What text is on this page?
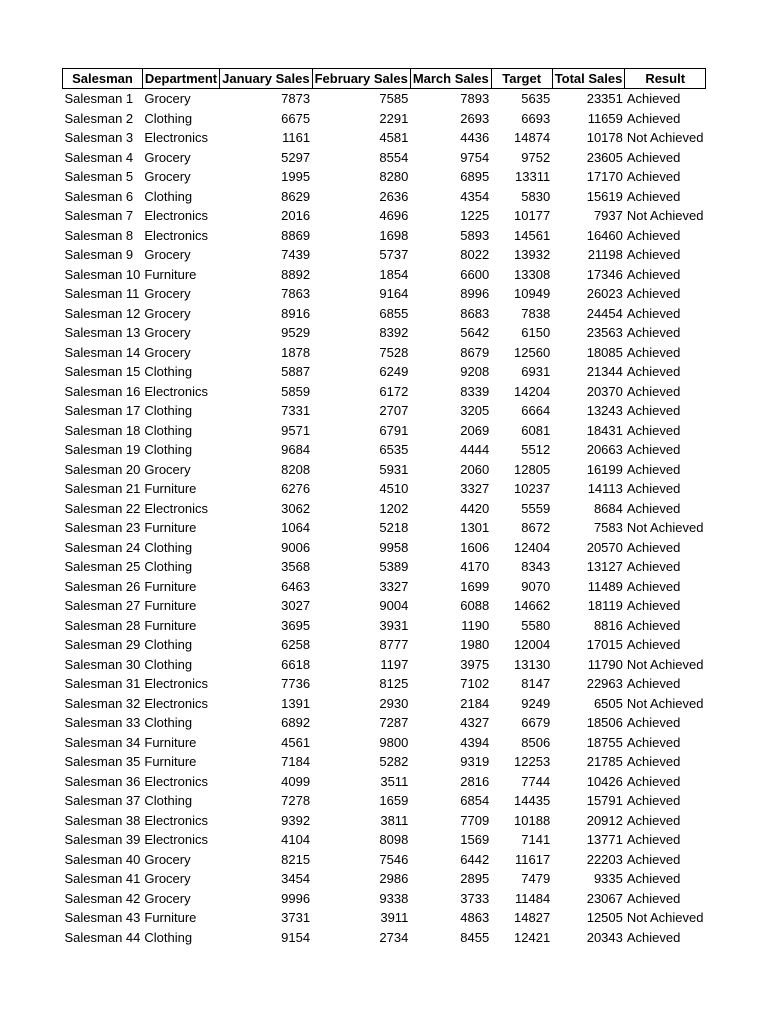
Salesman	Department	January Sales	February Sales	March Sales	Target	Total Sales	Result
Salesman 1	Grocery	7873	7585	7893	5635	23351	Achieved
Salesman 2	Clothing	6675	2291	2693	6693	11659	Achieved
Salesman 3	Electronics	1161	4581	4436	14874	10178	Not Achieved
Salesman 4	Grocery	5297	8554	9754	9752	23605	Achieved
Salesman 5	Grocery	1995	8280	6895	13311	17170	Achieved
Salesman 6	Clothing	8629	2636	4354	5830	15619	Achieved
Salesman 7	Electronics	2016	4696	1225	10177	7937	Not Achieved
Salesman 8	Electronics	8869	1698	5893	14561	16460	Achieved
Salesman 9	Grocery	7439	5737	8022	13932	21198	Achieved
Salesman 10	Furniture	8892	1854	6600	13308	17346	Achieved
Salesman 11	Grocery	7863	9164	8996	10949	26023	Achieved
Salesman 12	Grocery	8916	6855	8683	7838	24454	Achieved
Salesman 13	Grocery	9529	8392	5642	6150	23563	Achieved
Salesman 14	Grocery	1878	7528	8679	12560	18085	Achieved
Salesman 15	Clothing	5887	6249	9208	6931	21344	Achieved
Salesman 16	Electronics	5859	6172	8339	14204	20370	Achieved
Salesman 17	Clothing	7331	2707	3205	6664	13243	Achieved
Salesman 18	Clothing	9571	6791	2069	6081	18431	Achieved
Salesman 19	Clothing	9684	6535	4444	5512	20663	Achieved
Salesman 20	Grocery	8208	5931	2060	12805	16199	Achieved
Salesman 21	Furniture	6276	4510	3327	10237	14113	Achieved
Salesman 22	Electronics	3062	1202	4420	5559	8684	Achieved
Salesman 23	Furniture	1064	5218	1301	8672	7583	Not Achieved
Salesman 24	Clothing	9006	9958	1606	12404	20570	Achieved
Salesman 25	Clothing	3568	5389	4170	8343	13127	Achieved
Salesman 26	Furniture	6463	3327	1699	9070	11489	Achieved
Salesman 27	Furniture	3027	9004	6088	14662	18119	Achieved
Salesman 28	Furniture	3695	3931	1190	5580	8816	Achieved
Salesman 29	Clothing	6258	8777	1980	12004	17015	Achieved
Salesman 30	Clothing	6618	1197	3975	13130	11790	Not Achieved
Salesman 31	Electronics	7736	8125	7102	8147	22963	Achieved
Salesman 32	Electronics	1391	2930	2184	9249	6505	Not Achieved
Salesman 33	Clothing	6892	7287	4327	6679	18506	Achieved
Salesman 34	Furniture	4561	9800	4394	8506	18755	Achieved
Salesman 35	Furniture	7184	5282	9319	12253	21785	Achieved
Salesman 36	Electronics	4099	3511	2816	7744	10426	Achieved
Salesman 37	Clothing	7278	1659	6854	14435	15791	Achieved
Salesman 38	Electronics	9392	3811	7709	10188	20912	Achieved
Salesman 39	Electronics	4104	8098	1569	7141	13771	Achieved
Salesman 40	Grocery	8215	7546	6442	11617	22203	Achieved
Salesman 41	Grocery	3454	2986	2895	7479	9335	Achieved
Salesman 42	Grocery	9996	9338	3733	11484	23067	Achieved
Salesman 43	Furniture	3731	3911	4863	14827	12505	Not Achieved
Salesman 44	Clothing	9154	2734	8455	12421	20343	Achieved
